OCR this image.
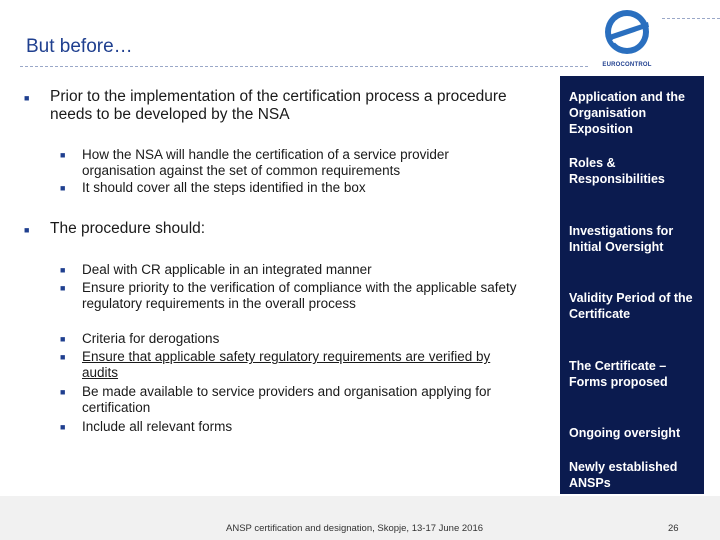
But before…
EUROCONTROL
■ Prior to the implementation of the certification process a procedure needs to be developed by the NSA
■ How the NSA will handle the certification of a service provider organisation against the set of common requirements
■ It should cover all the steps identified in the box
■ The procedure should:
■ Deal with CR applicable in an integrated manner
■ Ensure priority to the verification of compliance with the applicable safety regulatory requirements in the overall process
■ Criteria for derogations
■ Ensure that applicable safety regulatory requirements are verified by audits
■ Be made available to service providers and organisation applying for certification
■ Include all relevant forms
Application and the Organisation Exposition
Roles & Responsibilities
Investigations for Initial Oversight
Validity Period of the Certificate
The Certificate – Forms proposed
Ongoing oversight
Newly established ANSPs
ANSP certification and designation, Skopje, 13-17 June 2016	26
